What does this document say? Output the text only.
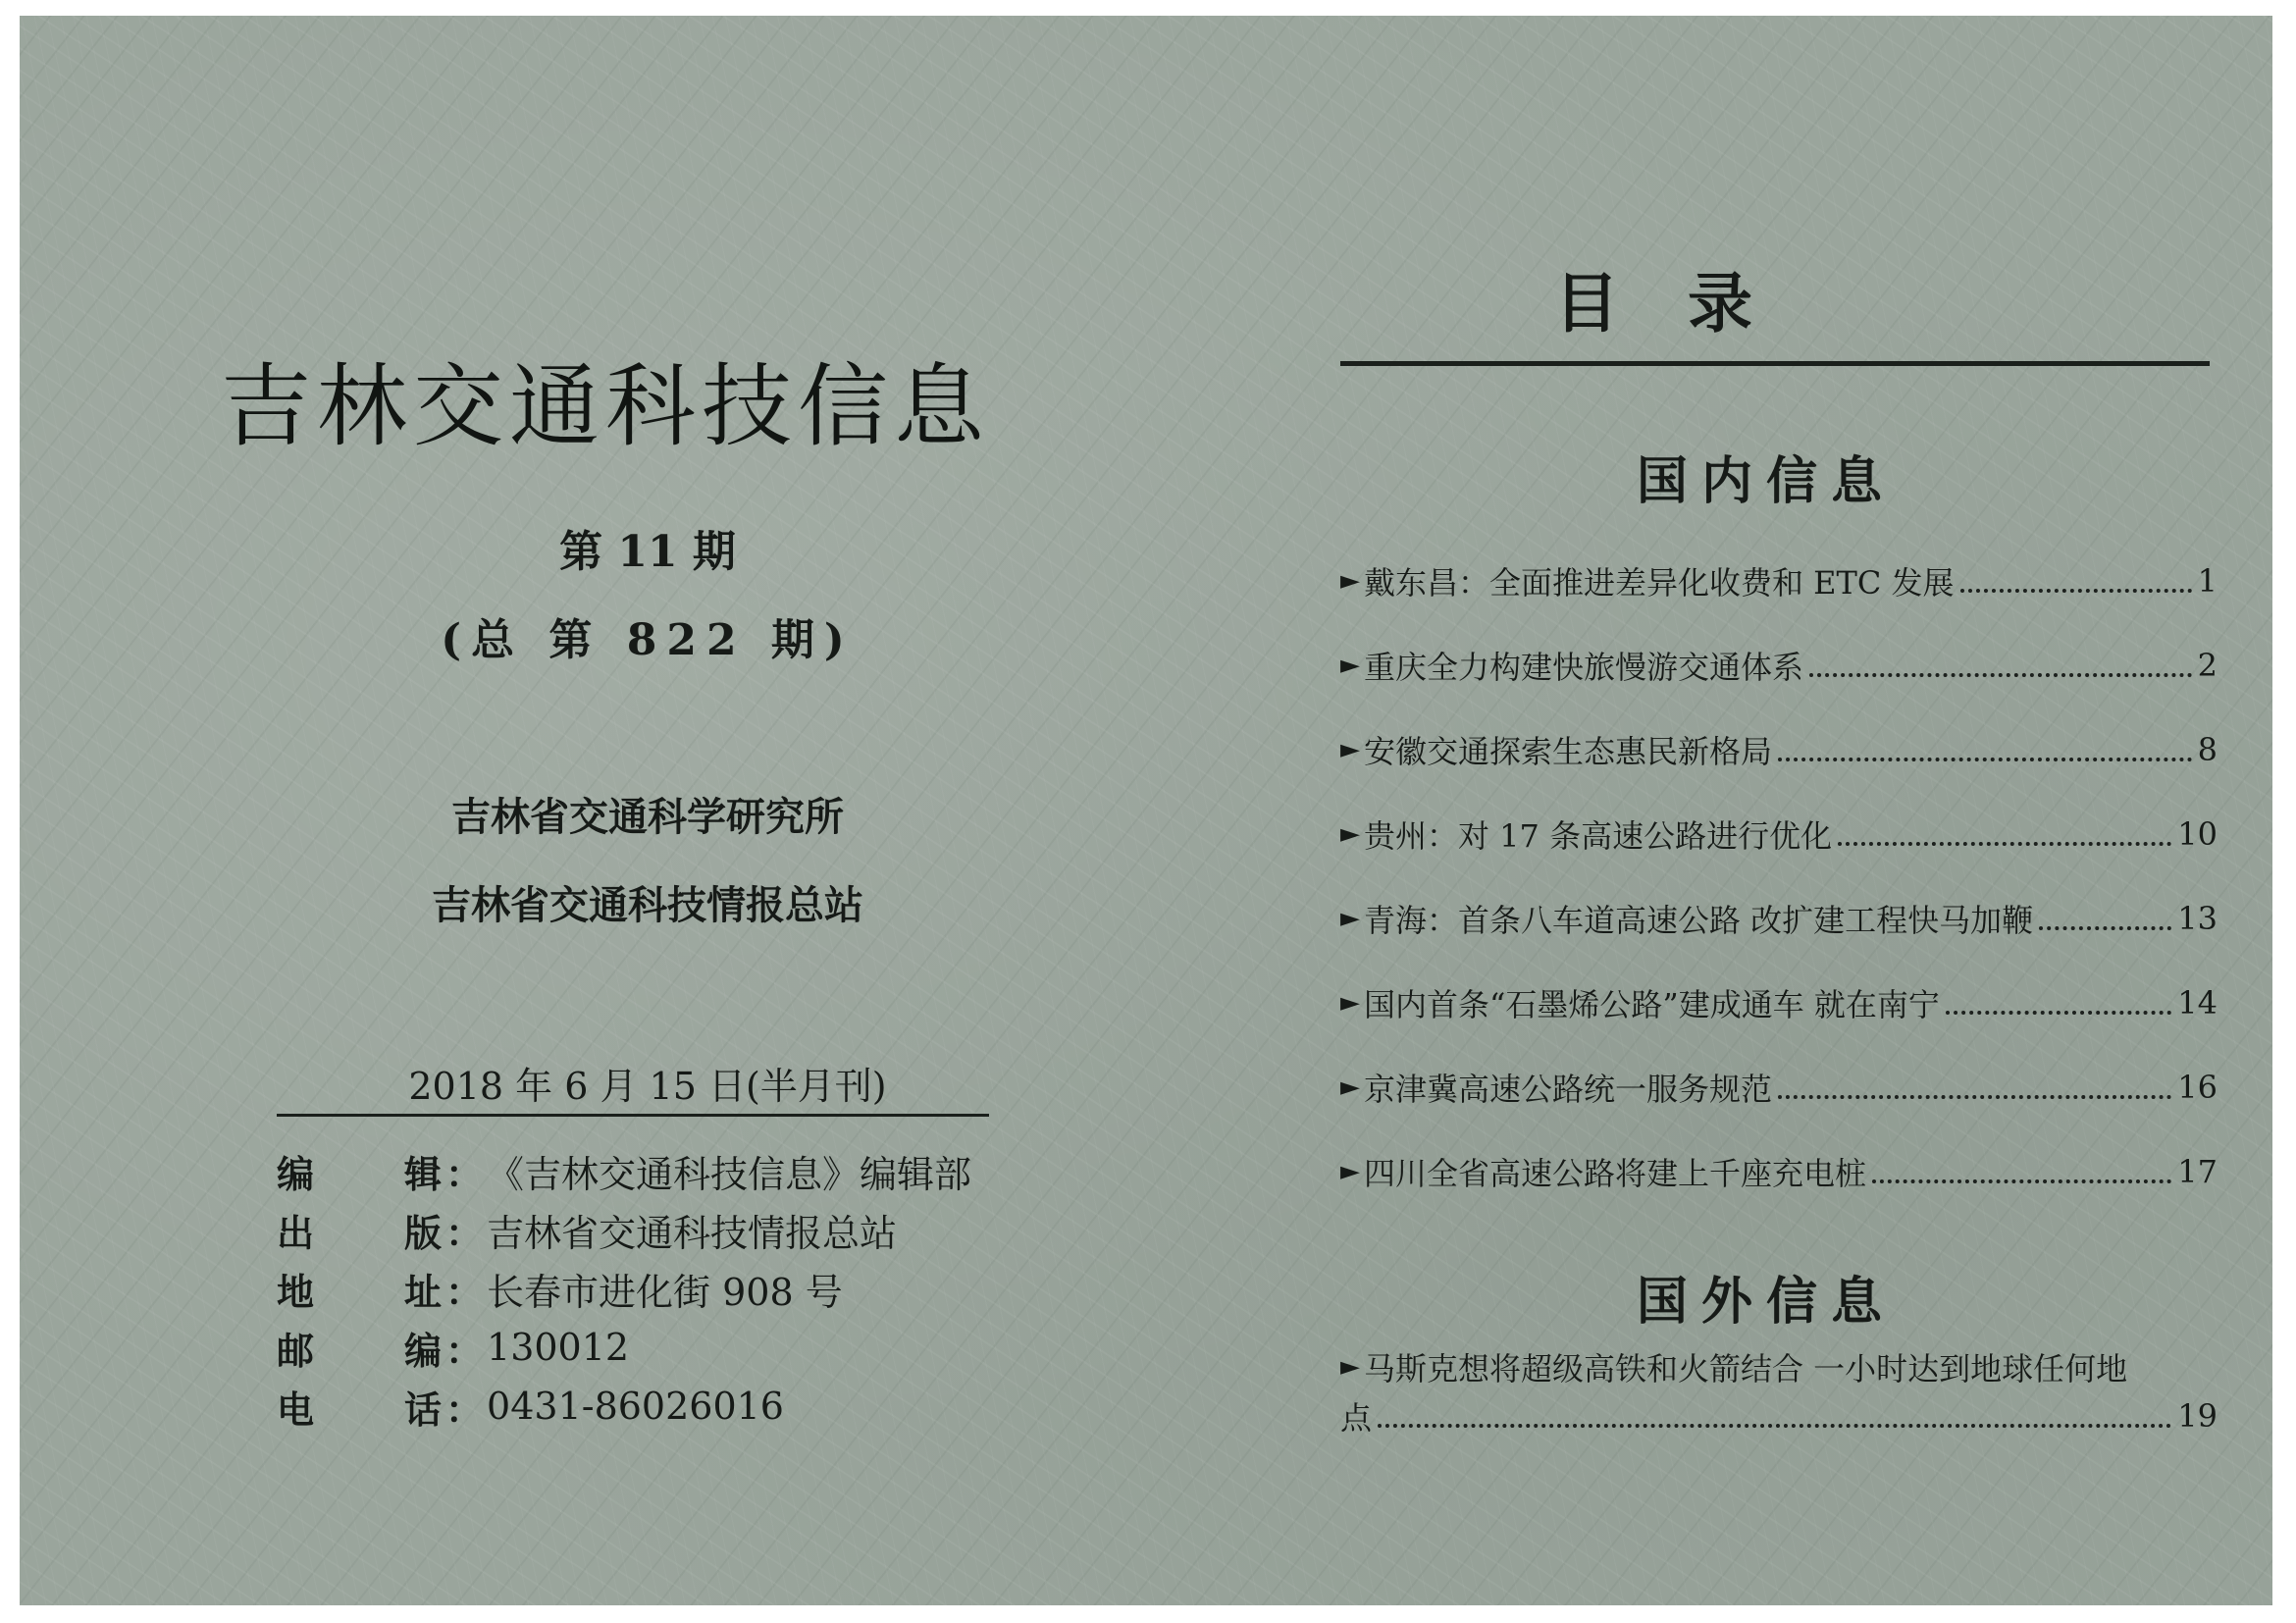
吉林交通科技信息
第 11 期
(总 第 822 期)
吉林省交通科学研究所
吉林省交通科技情报总站
2018 年 6 月 15 日(半月刊)
编 辑 ： 《吉林交通科技信息》编辑部
出 版 ： 吉林省交通科技情报总站
地 址 ： 长春市进化街 908 号
邮 编 ： 130012
电 话 ： 0431-86026016
目录
国内信息
► 戴东昌：全面推进差异化收费和 ETC 发展	1
► 重庆全力构建快旅慢游交通体系	2
► 安徽交通探索生态惠民新格局	8
► 贵州：对 17 条高速公路进行优化	10
► 青海：首条八车道高速公路 改扩建工程快马加鞭	13
► 国内首条“石墨烯公路”建成通车 就在南宁	14
► 京津冀高速公路统一服务规范	16
► 四川全省高速公路将建上千座充电桩	17
国外信息
► 马斯克想将超级高铁和火箭结合 一小时达到地球任何地
点	19
